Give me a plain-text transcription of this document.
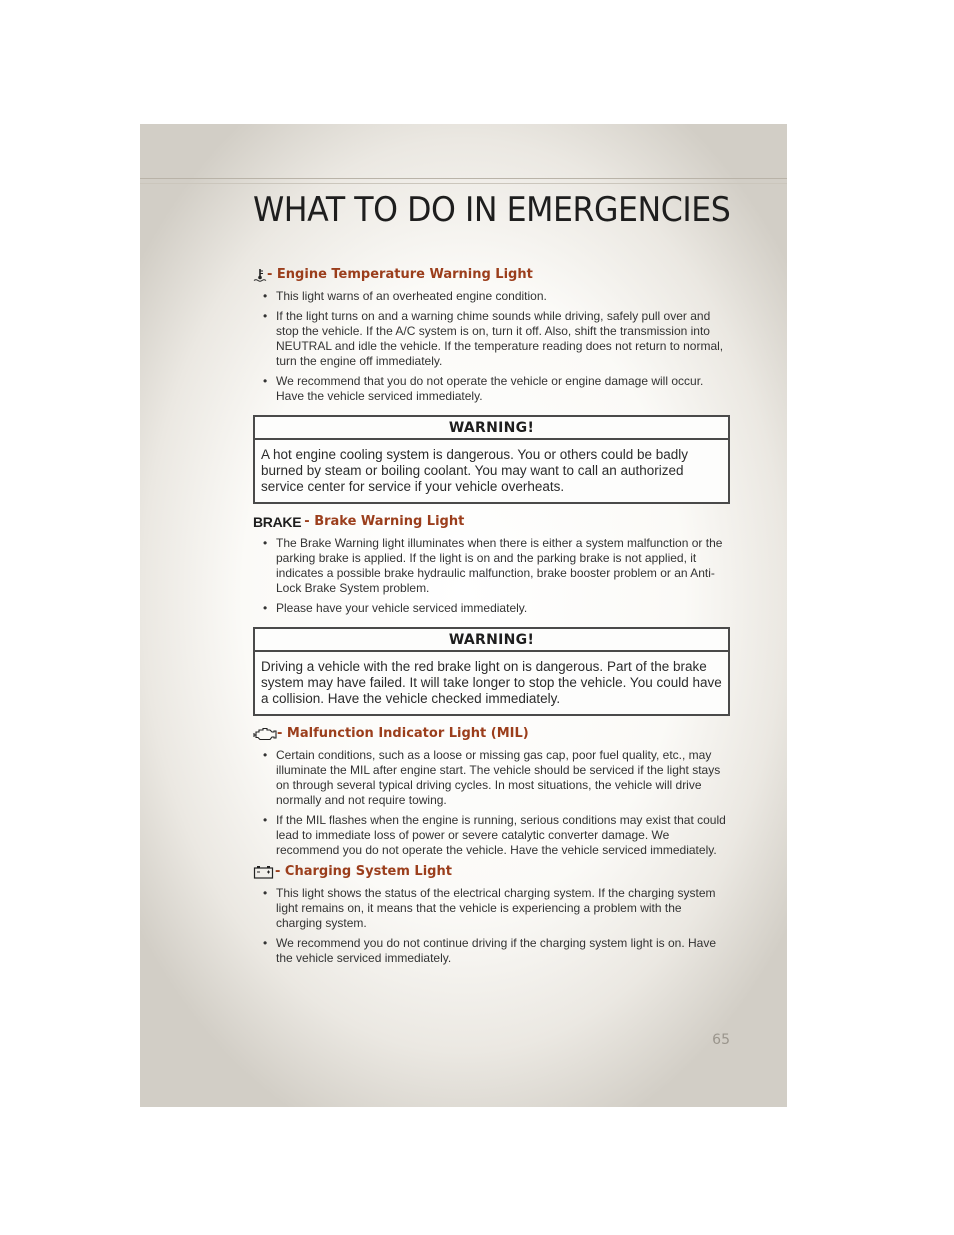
WHAT TO DO IN EMERGENCIES
- Engine Temperature Warning Light
• This light warns of an overheated engine condition.
• If the light turns on and a warning chime sounds while driving, safely pull over and stop the vehicle. If the A/C system is on, turn it off. Also, shift the transmission into NEUTRAL and idle the vehicle. If the temperature reading does not return to normal, turn the engine off immediately.
• We recommend that you do not operate the vehicle or engine damage will occur. Have the vehicle serviced immediately.
WARNING!
A hot engine cooling system is dangerous. You or others could be badly burned by steam or boiling coolant. You may want to call an authorized service center for service if your vehicle overheats.
BRAKE - Brake Warning Light
• The Brake Warning light illuminates when there is either a system malfunction or the parking brake is applied. If the light is on and the parking brake is not applied, it indicates a possible brake hydraulic malfunction, brake booster problem or an Anti-Lock Brake System problem.
• Please have your vehicle serviced immediately.
WARNING!
Driving a vehicle with the red brake light on is dangerous. Part of the brake system may have failed. It will take longer to stop the vehicle. You could have a collision. Have the vehicle checked immediately.
- Malfunction Indicator Light (MIL)
• Certain conditions, such as a loose or missing gas cap, poor fuel quality, etc., may illuminate the MIL after engine start. The vehicle should be serviced if the light stays on through several typical driving cycles. In most situations, the vehicle will drive normally and not require towing.
• If the MIL flashes when the engine is running, serious conditions may exist that could lead to immediate loss of power or severe catalytic converter damage. We recommend you do not operate the vehicle. Have the vehicle serviced immediately.
- Charging System Light
• This light shows the status of the electrical charging system. If the charging system light remains on, it means that the vehicle is experiencing a problem with the charging system.
• We recommend you do not continue driving if the charging system light is on. Have the vehicle serviced immediately.
65
